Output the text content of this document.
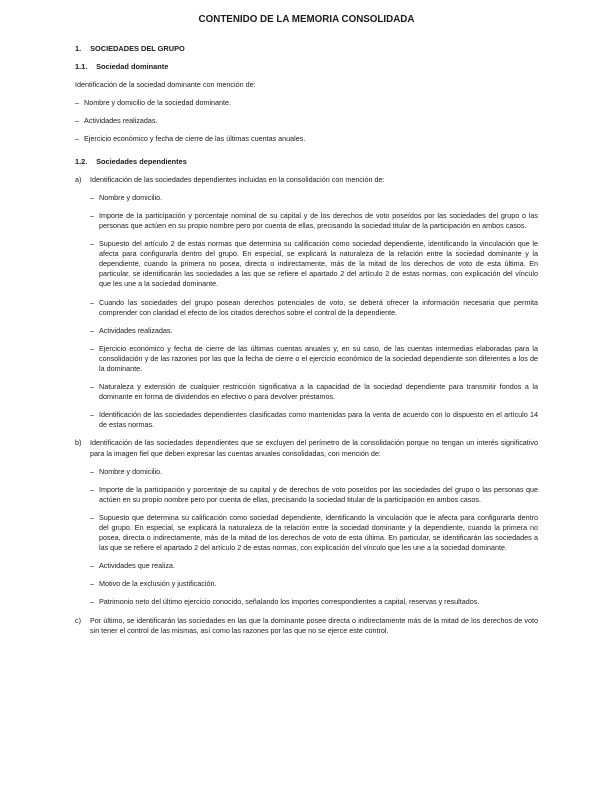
CONTENIDO DE LA MEMORIA CONSOLIDADA
1. SOCIEDADES DEL GRUPO
1.1. Sociedad dominante
Identificación de la sociedad dominante con mención de:
– Nombre y domicilio de la sociedad dominante.
– Actividades realizadas.
– Ejercicio económico y fecha de cierre de las últimas cuentas anuales.
1.2. Sociedades dependientes
a) Identificación de las sociedades dependientes incluidas en la consolidación con mención de:
– Nombre y domicilio.
– Importe de la participación y porcentaje nominal de su capital y de los derechos de voto poseídos por las sociedades del grupo o las personas que actúen en su propio nombre pero por cuenta de ellas, precisando la sociedad titular de la participación en ambos casos.
– Supuesto del artículo 2 de estas normas que determina su calificación como sociedad dependiente, identificando la vinculación que le afecta para configurarla dentro del grupo. En especial, se explicará la naturaleza de la relación entre la sociedad dominante y la dependiente, cuando la primera no posea, directa o indirectamente, más de la mitad de los derechos de voto de esta última. En particular, se identificarán las sociedades a las que se refiere el apartado 2 del artículo 2 de estas normas, con explicación del vínculo que les une a la sociedad dominante.
– Cuando las sociedades del grupo posean derechos potenciales de voto, se deberá ofrecer la información necesaria que permita comprender con claridad el efecto de los citados derechos sobre el control de la dependiente.
– Actividades realizadas.
– Ejercicio económico y fecha de cierre de las últimas cuentas anuales y, en su caso, de las cuentas intermedias elaboradas para la consolidación y de las razones por las que la fecha de cierre o el ejercicio económico de la sociedad dependiente son diferentes a los de la dominante.
– Naturaleza y extensión de cualquier restricción significativa a la capacidad de la sociedad dependiente para transmitir fondos a la dominante en forma de dividendos en efectivo o para devolver préstamos.
– Identificación de las sociedades dependientes clasificadas como mantenidas para la venta de acuerdo con lo dispuesto en el artículo 14 de estas normas.
b) Identificación de las sociedades dependientes que se excluyen del perímetro de la consolidación porque no tengan un interés significativo para la imagen fiel que deben expresar las cuentas anuales consolidadas, con mención de:
– Nombre y domicilio.
– Importe de la participación y porcentaje de su capital y de derechos de voto poseídos por las sociedades del grupo o las personas que actúen en su propio nombre pero por cuenta de ellas, precisando la sociedad titular de la participación en ambos casos.
– Supuesto que determina su calificación como sociedad dependiente, identificando la vinculación que le afecta para configurarla dentro del grupo. En especial, se explicará la naturaleza de la relación entre la sociedad dominante y la dependiente, cuando la primera no posea, directa o indirectamente, más de la mitad de los derechos de voto de esta última. En particular, se identificarán las sociedades a las que se refiere el apartado 2 del artículo 2 de estas normas, con explicación del vínculo que les une a la sociedad dominante.
– Actividades que realiza.
– Motivo de la exclusión y justificación.
– Patrimonio neto del último ejercicio conocido, señalando los importes correspondientes a capital, reservas y resultados.
c) Por último, se identificarán las sociedades en las que la dominante posee directa o indirectamente más de la mitad de los derechos de voto sin tener el control de las mismas, así como las razones por las que no se ejerce este control.
